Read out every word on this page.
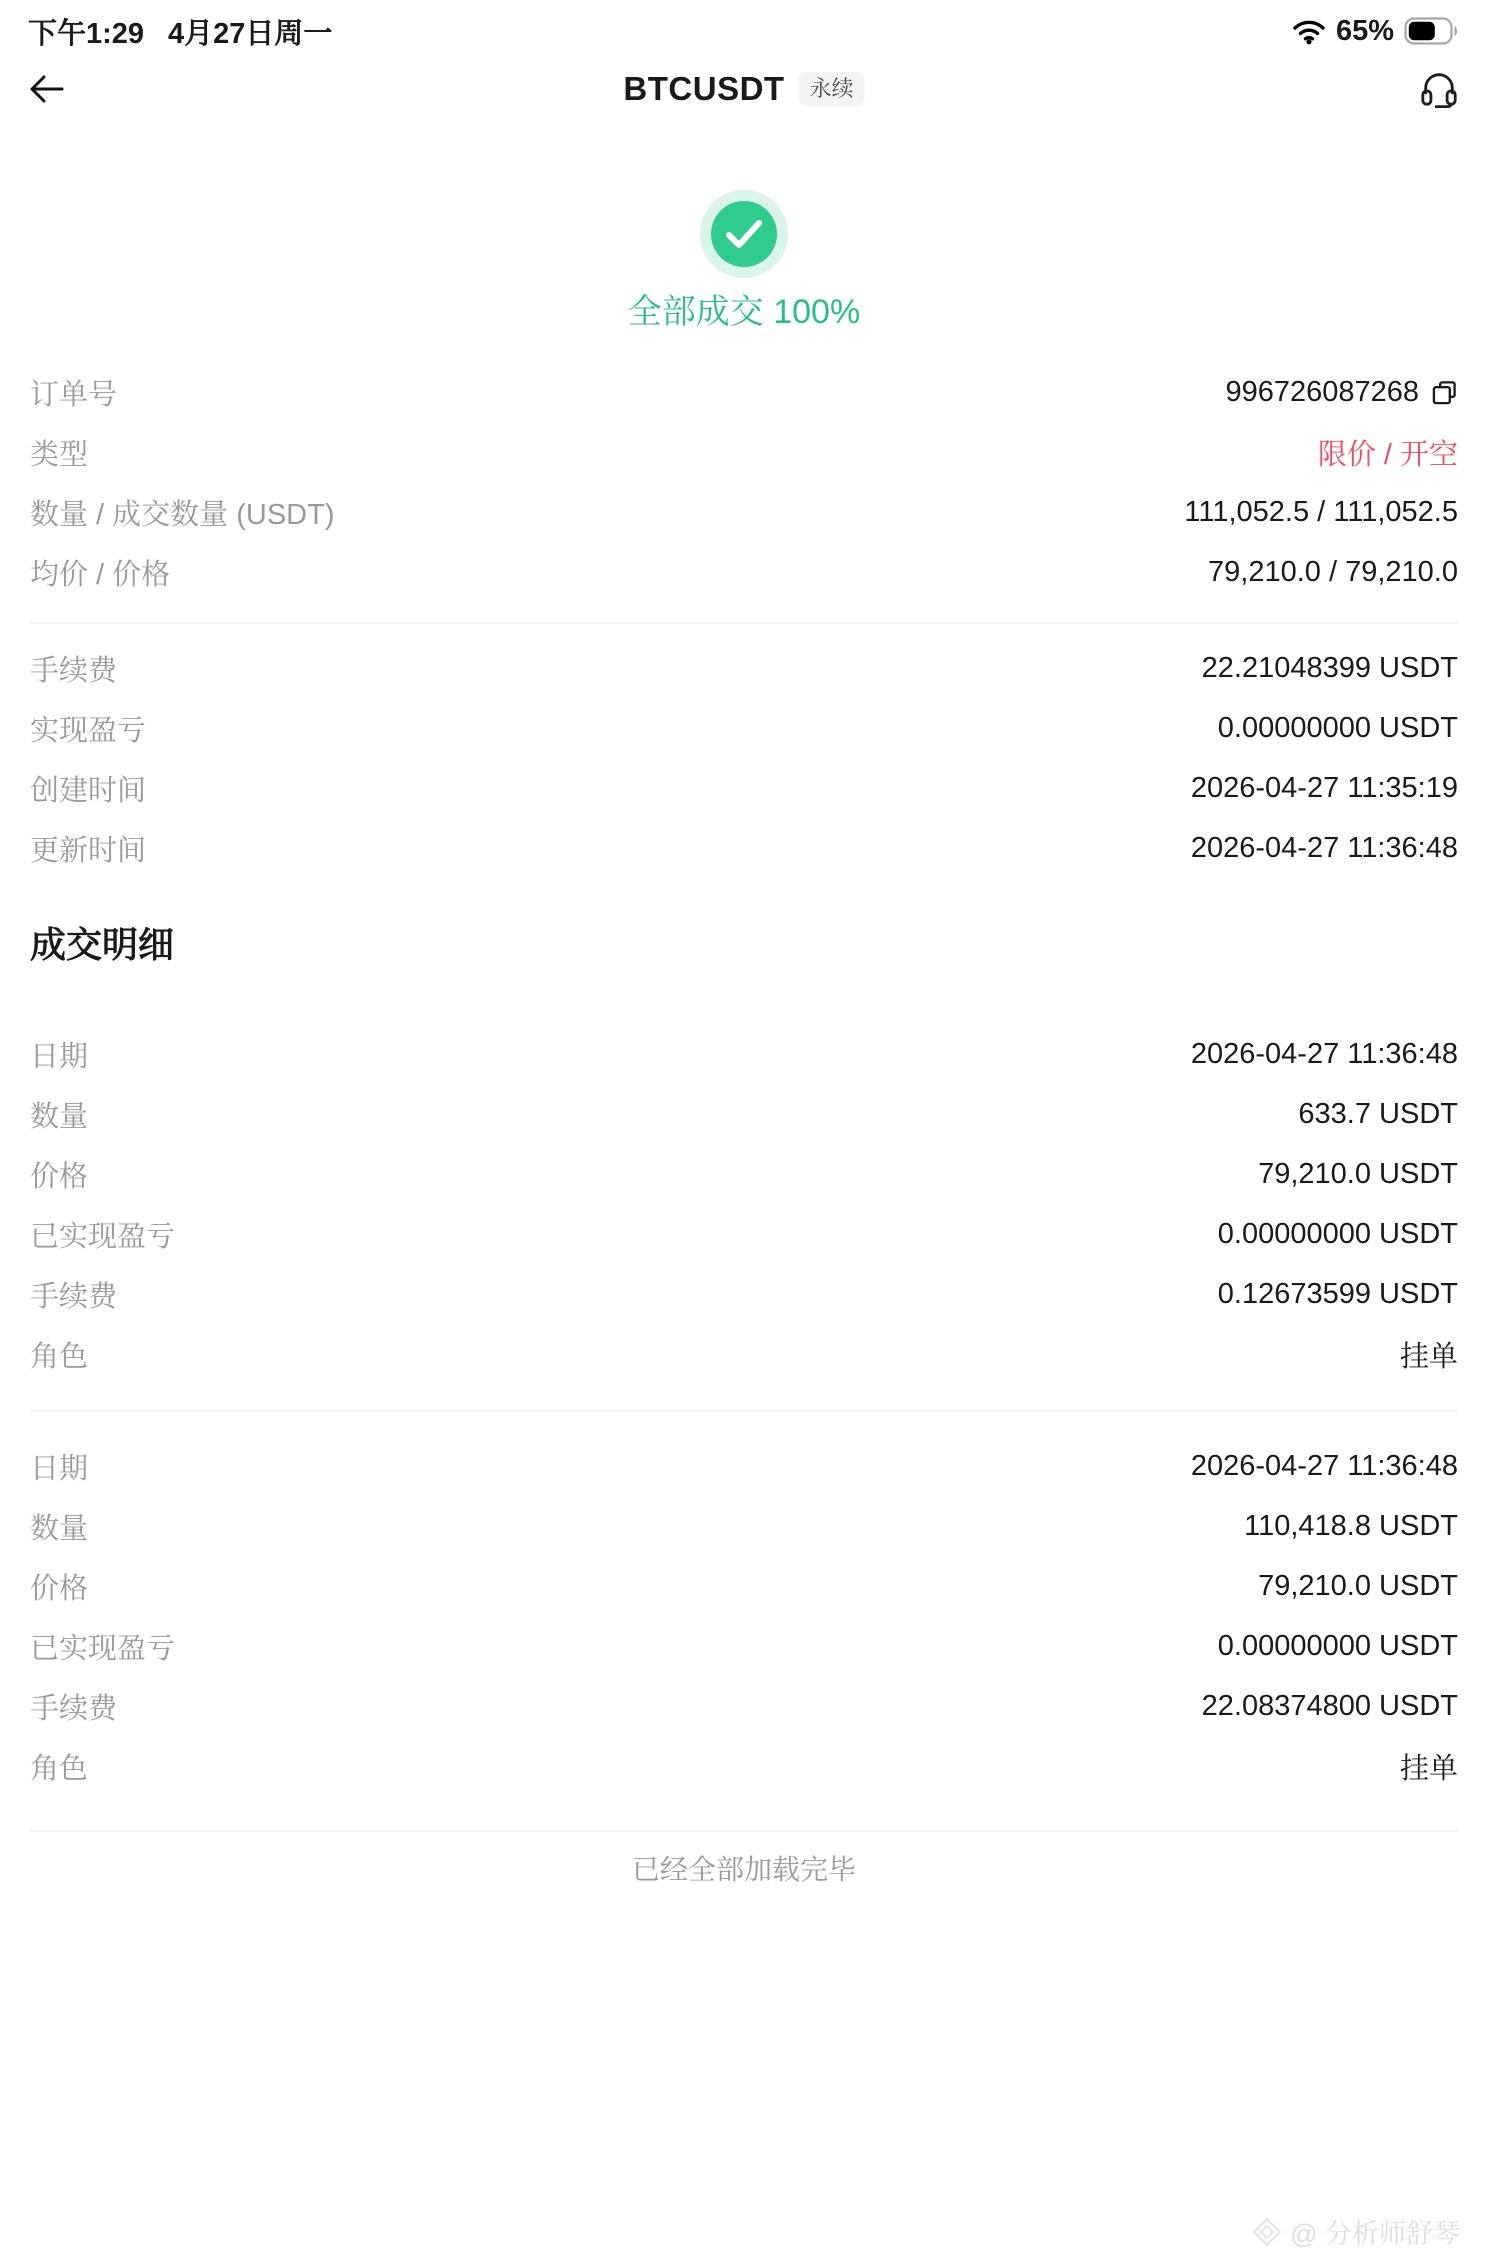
下午1:29 4月27日周一	65%
BTCUSDT	永续
全部成交 100%
订单号	996726087268
类型	限价 / 开空
数量 / 成交数量 (USDT)	111,052.5 / 111,052.5
均价 / 价格	79,210.0 / 79,210.0
手续费	22.21048399 USDT
实现盈亏	0.00000000 USDT
创建时间	2026-04-27 11:35:19
更新时间	2026-04-27 11:36:48
成交明细
日期	2026-04-27 11:36:48
数量	633.7 USDT
价格	79,210.0 USDT
已实现盈亏	0.00000000 USDT
手续费	0.12673599 USDT
角色	挂单
日期	2026-04-27 11:36:48
数量	110,418.8 USDT
价格	79,210.0 USDT
已实现盈亏	0.00000000 USDT
手续费	22.08374800 USDT
角色	挂单
已经全部加载完毕
@ 分析师舒琴
